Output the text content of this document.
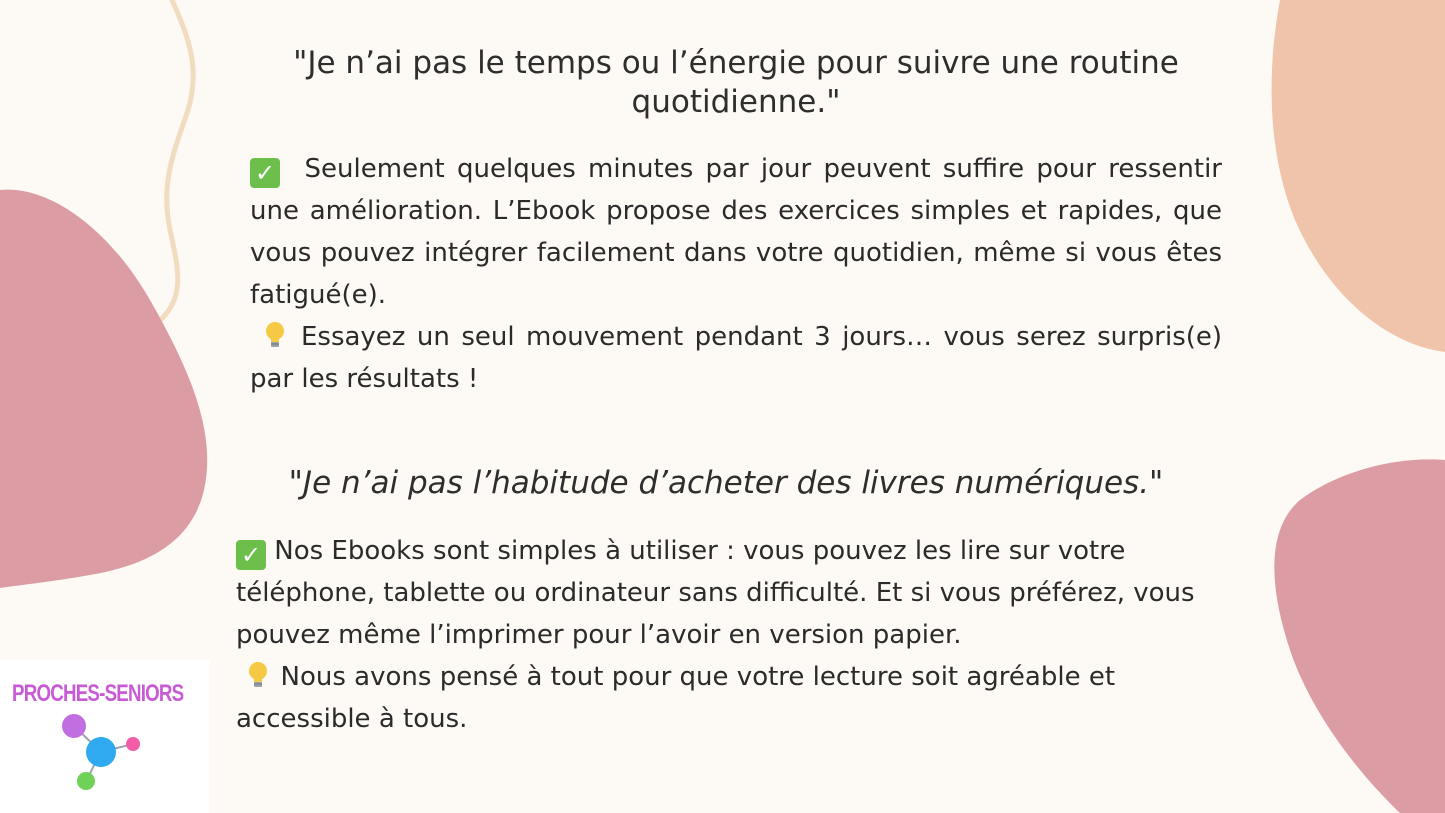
"Je n’ai pas le temps ou l’énergie pour suivre une routine quotidienne."

✓ Seulement quelques minutes par jour peuvent suffire pour ressentir une amélioration. L’Ebook propose des exercices simples et rapides, que vous pouvez intégrer facilement dans votre quotidien, même si vous êtes fatigué(e).

Essayez un seul mouvement pendant 3 jours… vous serez surpris(e) par les résultats !

"Je n’ai pas l’habitude d’acheter des livres numériques."

✓ Nos Ebooks sont simples à utiliser : vous pouvez les lire sur votre téléphone, tablette ou ordinateur sans difficulté. Et si vous préférez, vous pouvez même l’imprimer pour l’avoir en version papier.

Nous avons pensé à tout pour que votre lecture soit agréable et accessible à tous.

PROCHES-SENIORS
